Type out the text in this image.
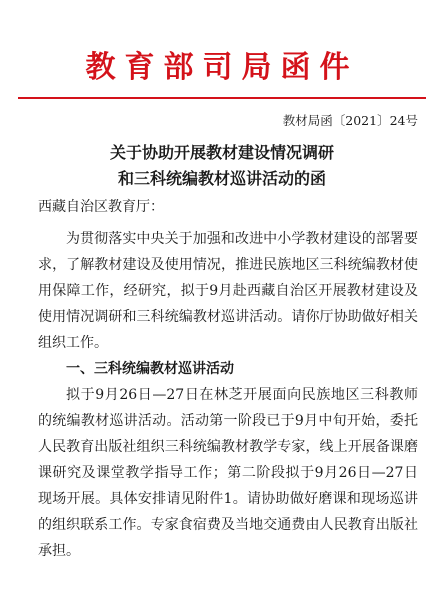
教育部司局函件
教材局函〔2021〕24号
关于协助开展教材建设情况调研
和三科统编教材巡讲活动的函
西藏自治区教育厅：

为贯彻落实中央关于加强和改进中小学教材建设的部署要求，了解教材建设及使用情况，推进民族地区三科统编教材使用保障工作，经研究，拟于9月赴西藏自治区开展教材建设及使用情况调研和三科统编教材巡讲活动。请你厅协助做好相关组织工作。

一、三科统编教材巡讲活动

拟于9月26日—27日在林芝开展面向民族地区三科教师的统编教材巡讲活动。活动第一阶段已于9月中旬开始，委托人民教育出版社组织三科统编教材教学专家，线上开展备课磨课研究及课堂教学指导工作；第二阶段拟于9月26日—27日现场开展。具体安排请见附件1。请协助做好磨课和现场巡讲的组织联系工作。专家食宿费及当地交通费由人民教育出版社承担。
